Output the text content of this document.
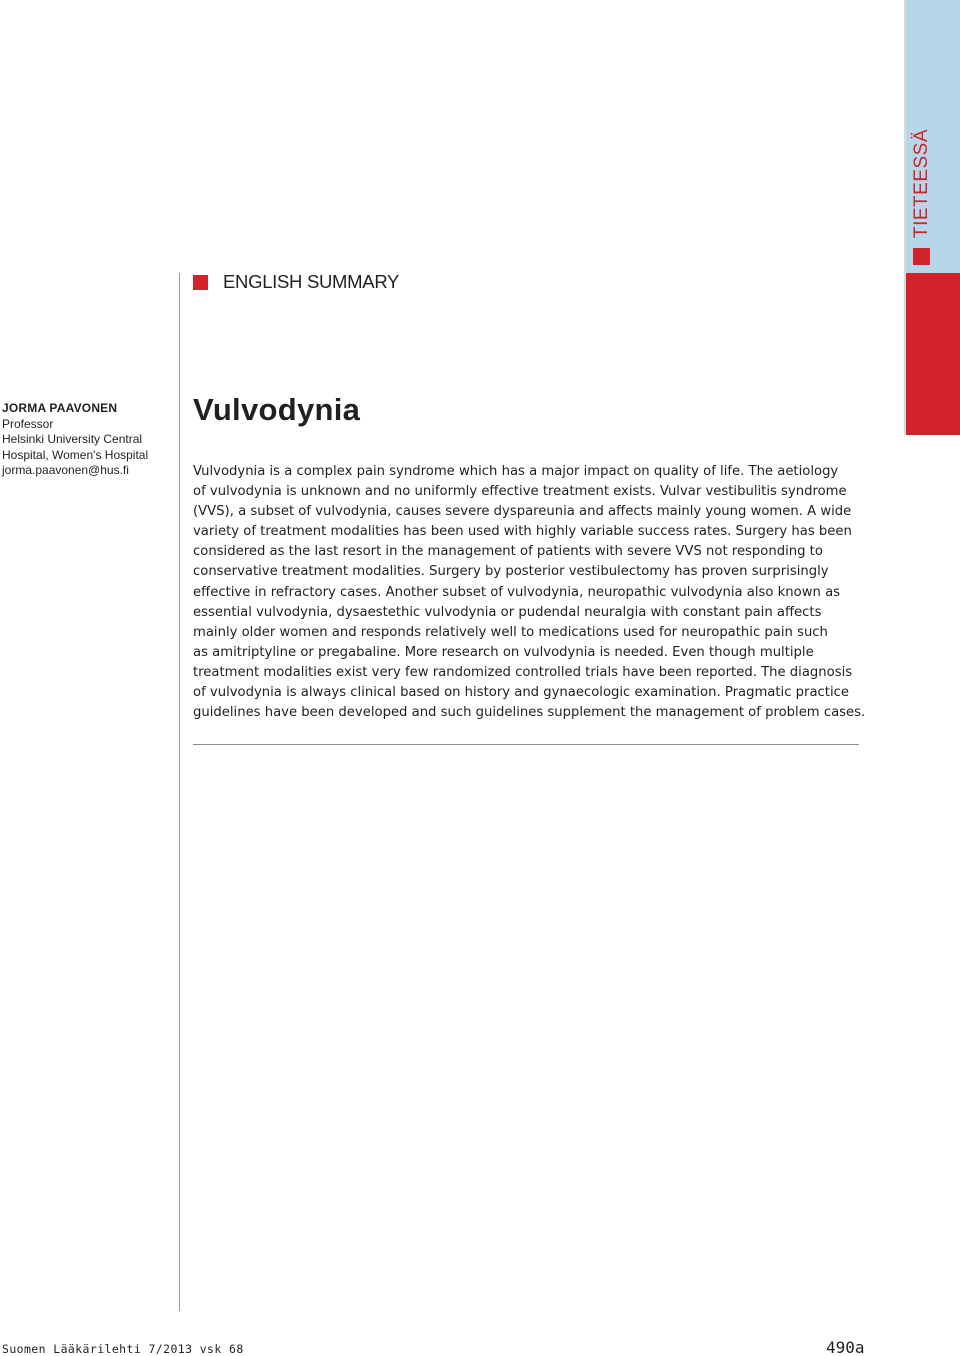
TIETEESSÄ
ENGLISH SUMMARY
JORMA PAAVONEN
Professor
Helsinki University Central
Hospital, Women's Hospital
jorma.paavonen@hus.fi
Vulvodynia
Vulvodynia is a complex pain syndrome which has a major impact on quality of life. The aetiology
of vulvodynia is unknown and no uniformly effective treatment exists. Vulvar vestibulitis syndrome
(VVS), a subset of vulvodynia, causes severe dyspareunia and affects mainly young women. A wide
variety of treatment modalities has been used with highly variable success rates. Surgery has been
considered as the last resort in the management of patients with severe VVS not responding to
conservative treatment modalities. Surgery by posterior vestibulectomy has proven surprisingly
effective in refractory cases. Another subset of vulvodynia, neuropathic vulvodynia also known as
essential vulvodynia, dysaestethic vulvodynia or pudendal neuralgia with constant pain affects
mainly older women and responds relatively well to medications used for neuropathic pain such
as amitriptyline or pregabaline. More research on vulvodynia is needed. Even though multiple
treatment modalities exist very few randomized controlled trials have been reported. The diagnosis
of vulvodynia is always clinical based on history and gynaecologic examination. Pragmatic practice
guidelines have been developed and such guidelines supplement the management of problem cases.
Suomen Lääkärilehti 7/2013 vsk 68	490a
